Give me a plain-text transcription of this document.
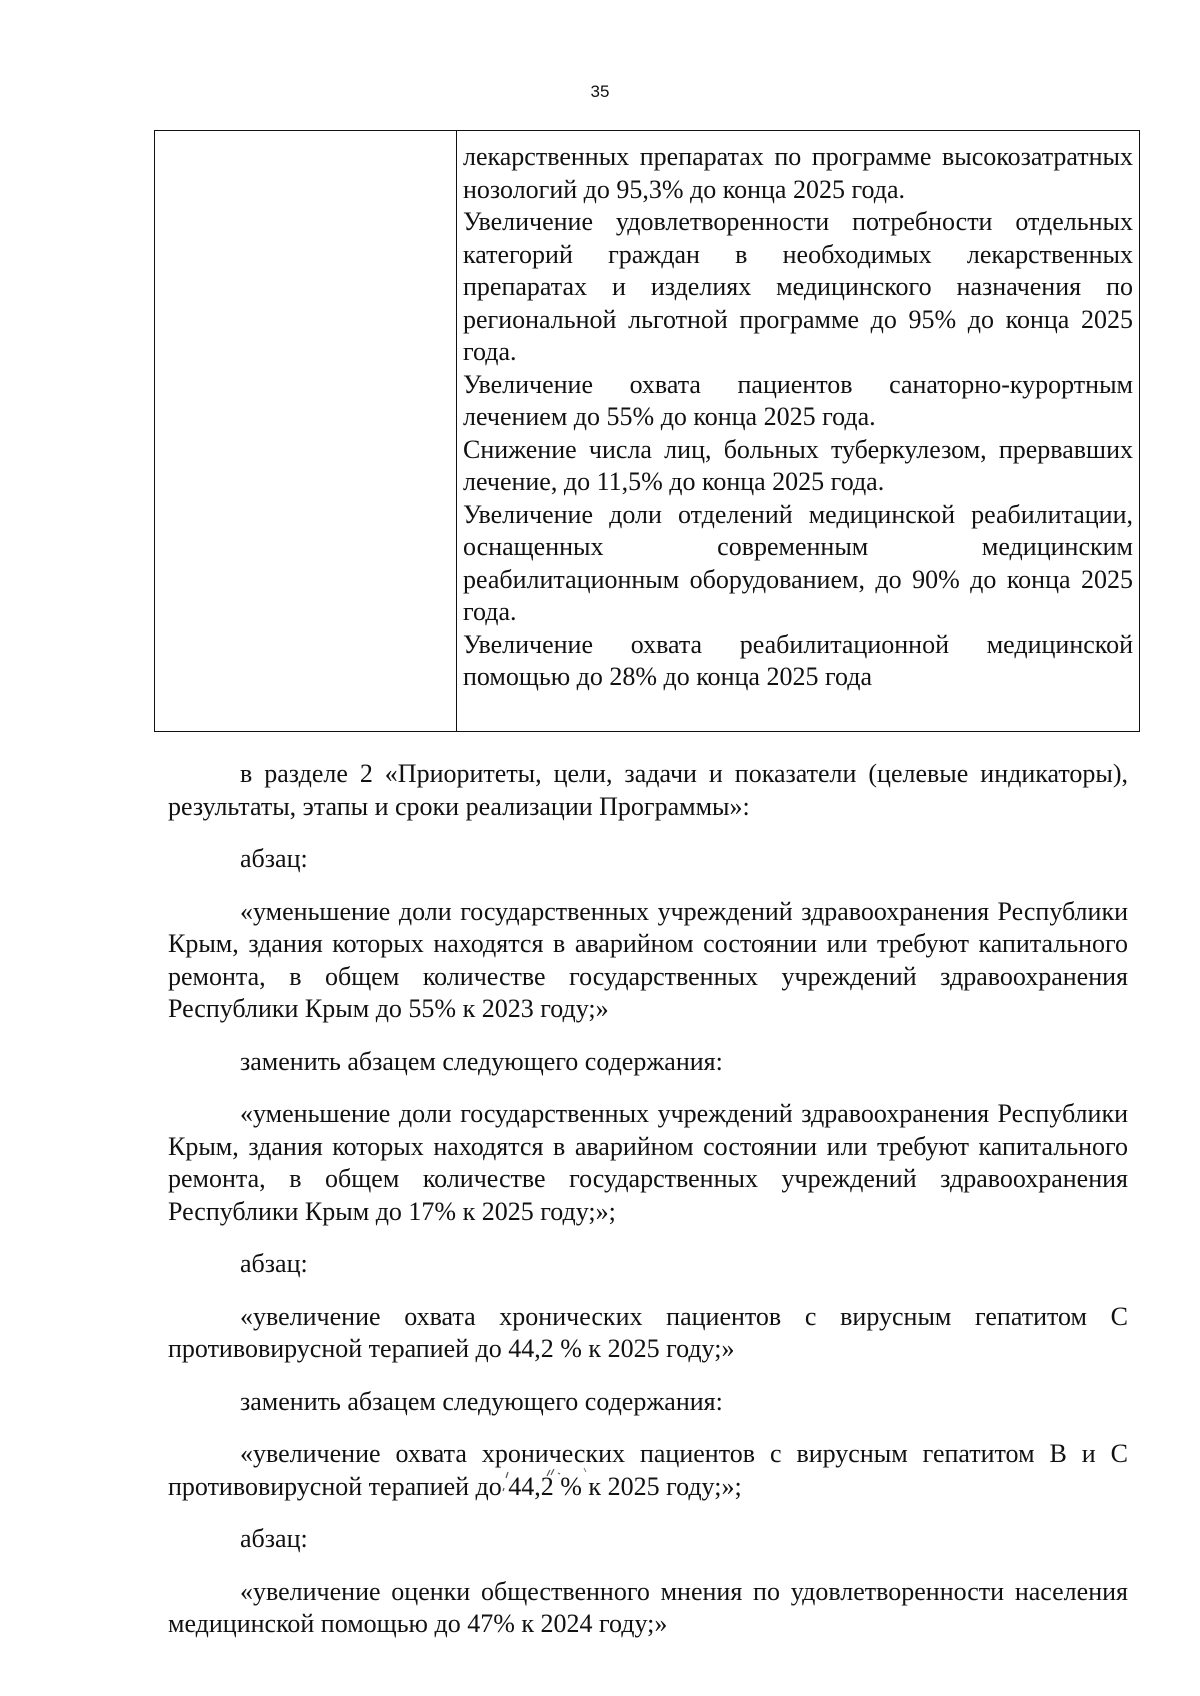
35

лекарственных препаратах по программе высокозатратных нозологий до 95,3% до конца 2025 года.

Увеличение удовлетворенности потребности отдельных категорий граждан в необходимых лекарственных препаратах и изделиях медицинского назначения по региональной льготной программе до 95% до конца 2025 года.

Увеличение охвата пациентов санаторно-курортным лечением до 55% до конца 2025 года.

Снижение числа лиц, больных туберкулезом, прервавших лечение, до 11,5% до конца 2025 года.

Увеличение доли отделений медицинской реабилитации, оснащенных современным медицинским реабилитационным оборудованием, до 90% до конца 2025 года.

Увеличение охвата реабилитационной медицинской помощью до 28% до конца 2025 года

в разделе 2 «Приоритеты, цели, задачи и показатели (целевые индикаторы), результаты, этапы и сроки реализации Программы»:

абзац:

«уменьшение доли государственных учреждений здравоохранения Республики Крым, здания которых находятся в аварийном состоянии или требуют капитального ремонта, в общем количестве государственных учреждений здравоохранения Республики Крым до 55% к 2023 году;»

заменить абзацем следующего содержания:

«уменьшение доли государственных учреждений здравоохранения Республики Крым, здания которых находятся в аварийном состоянии или требуют капитального ремонта, в общем количестве государственных учреждений здравоохранения Республики Крым до 17% к 2025 году;»;

абзац:

«увеличение охвата хронических пациентов с вирусным гепатитом С противовирусной терапией до 44,2 % к 2025 году;»

заменить абзацем следующего содержания:

«увеличение охвата хронических пациентов с вирусным гепатитом В и С противовирусной терапией до 44,2 % к 2025 году;»;

абзац:

«увеличение оценки общественного мнения по удовлетворенности населения медицинской помощью до 47% к 2024 году;»
